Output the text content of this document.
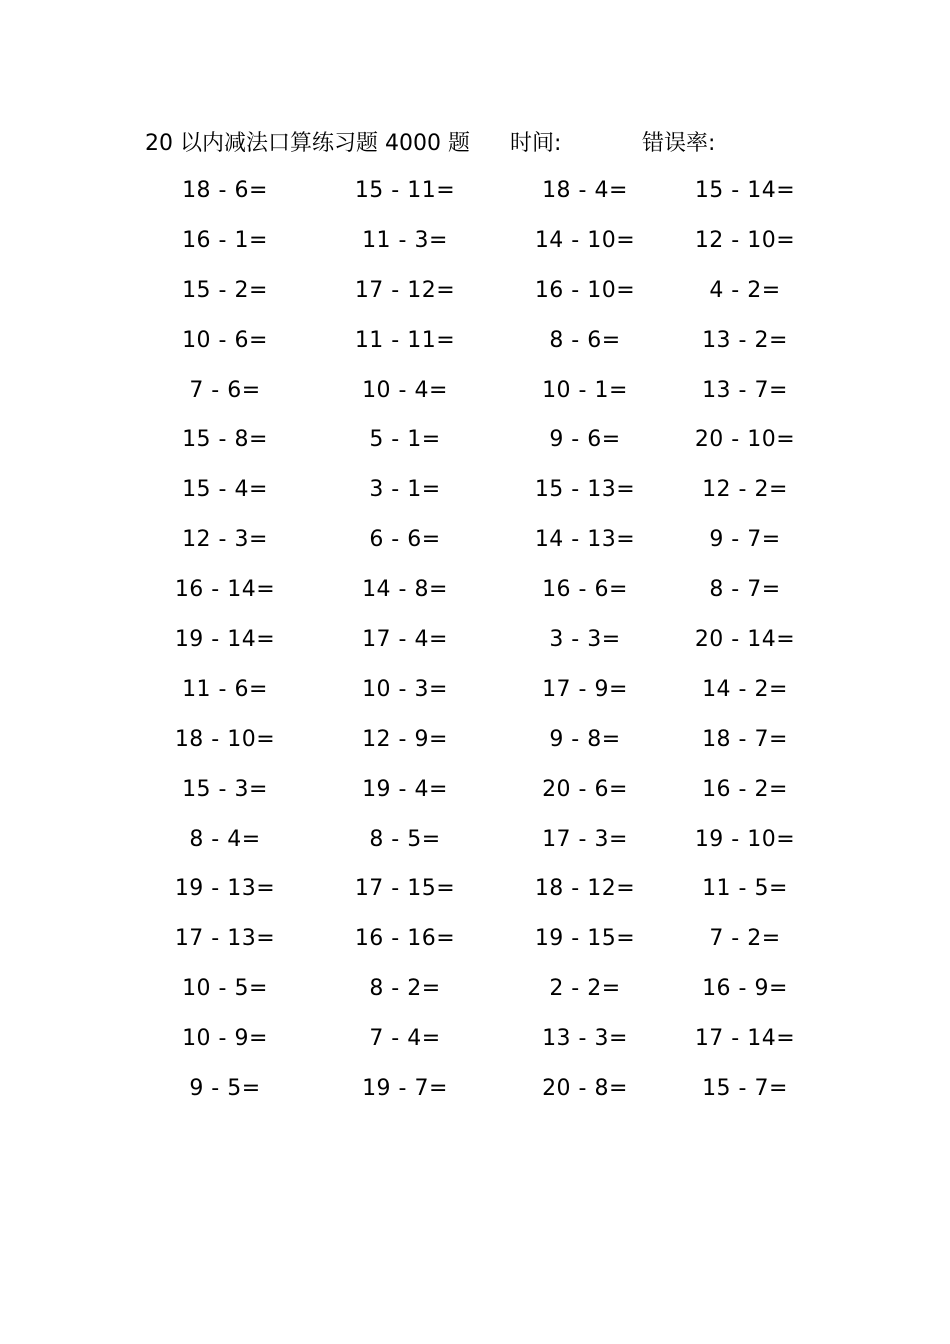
20 以内减法口算练习题 4000 题 时间:	错误率:
18 - 6=	15 - 11=	18 - 4=	15 - 14=
16 - 1=	11 - 3=	14 - 10=	12 - 10=
15 - 2=	17 - 12=	16 - 10=	4 - 2=
10 - 6=	11 - 11=	8 - 6=	13 - 2=
7 - 6=	10 - 4=	10 - 1=	13 - 7=
15 - 8=	5 - 1=	9 - 6=	20 - 10=
15 - 4=	3 - 1=	15 - 13=	12 - 2=
12 - 3=	6 - 6=	14 - 13=	9 - 7=
16 - 14=	14 - 8=	16 - 6=	8 - 7=
19 - 14=	17 - 4=	3 - 3=	20 - 14=
11 - 6=	10 - 3=	17 - 9=	14 - 2=
18 - 10=	12 - 9=	9 - 8=	18 - 7=
15 - 3=	19 - 4=	20 - 6=	16 - 2=
8 - 4=	8 - 5=	17 - 3=	19 - 10=
19 - 13=	17 - 15=	18 - 12=	11 - 5=
17 - 13=	16 - 16=	19 - 15=	7 - 2=
10 - 5=	8 - 2=	2 - 2=	16 - 9=
10 - 9=	7 - 4=	13 - 3=	17 - 14=
9 - 5=	19 - 7=	20 - 8=	15 - 7=
